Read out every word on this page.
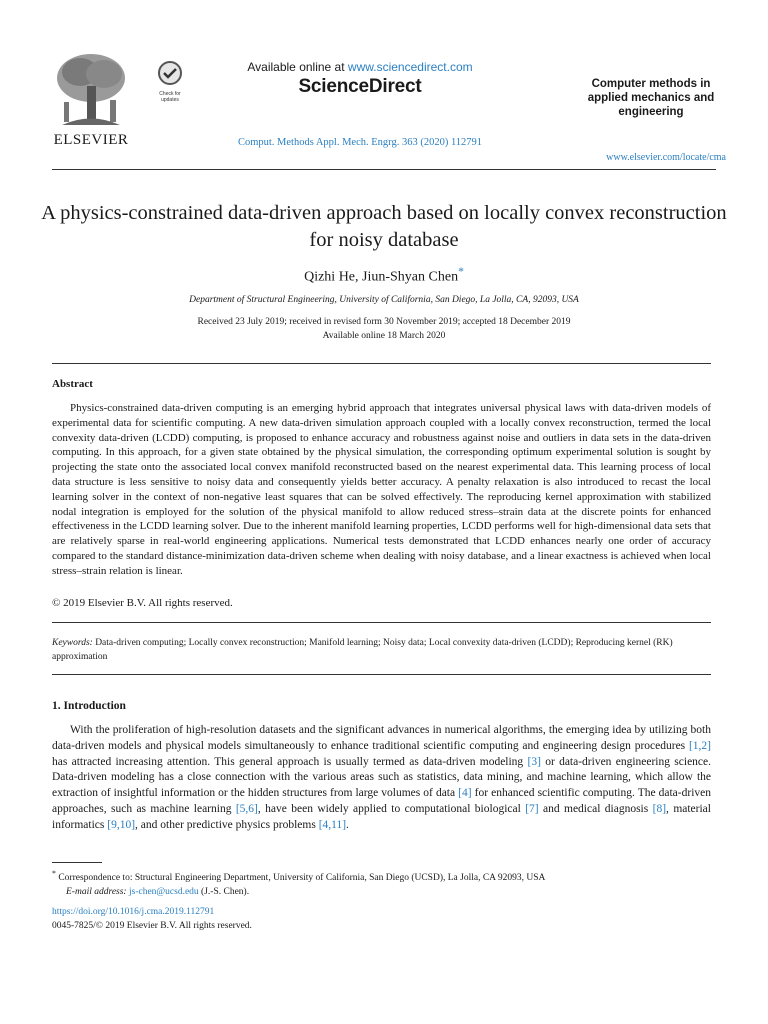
ELSEVIER
Check for updates
Available online at www.sciencedirect.com
ScienceDirect
Comput. Methods Appl. Mech. Engrg. 363 (2020) 112791
Computer methods in applied mechanics and engineering
www.elsevier.com/locate/cma
A physics-constrained data-driven approach based on locally convex reconstruction for noisy database
Qizhi He, Jiun-Shyan Chen*
Department of Structural Engineering, University of California, San Diego, La Jolla, CA, 92093, USA
Received 23 July 2019; received in revised form 30 November 2019; accepted 18 December 2019
Available online 18 March 2020
Abstract

Physics-constrained data-driven computing is an emerging hybrid approach that integrates universal physical laws with data-driven models of experimental data for scientific computing. A new data-driven simulation approach coupled with a locally convex reconstruction, termed the local convexity data-driven (LCDD) computing, is proposed to enhance accuracy and robustness against noise and outliers in data sets in the data-driven computing. In this approach, for a given state obtained by the physical simulation, the corresponding optimum experimental solution is sought by projecting the state onto the associated local convex manifold reconstructed based on the nearest experimental data. This learning process of local data structure is less sensitive to noisy data and consequently yields better accuracy. A penalty relaxation is also introduced to recast the local learning solver in the context of non-negative least squares that can be solved effectively. The reproducing kernel approximation with stabilized nodal integration is employed for the solution of the physical manifold to allow reduced stress–strain data at the discrete points for enhanced effectiveness in the LCDD learning solver. Due to the inherent manifold learning properties, LCDD performs well for high-dimensional data sets that are relatively sparse in real-world engineering applications. Numerical tests demonstrated that LCDD enhances nearly one order of accuracy compared to the standard distance-minimization data-driven scheme when dealing with noisy database, and a linear exactness is achieved when local stress–strain relation is linear.

© 2019 Elsevier B.V. All rights reserved.
Keywords: Data-driven computing; Locally convex reconstruction; Manifold learning; Noisy data; Local convexity data-driven (LCDD); Reproducing kernel (RK) approximation
1. Introduction

With the proliferation of high-resolution datasets and the significant advances in numerical algorithms, the emerging idea by utilizing both data-driven models and physical models simultaneously to enhance traditional scientific computing and engineering design procedures [1,2] has attracted increasing attention. This general approach is usually termed as data-driven modeling [3] or data-driven engineering science. Data-driven modeling has a close connection with the various areas such as statistics, data mining, and machine learning, which allow the extraction of insightful information or the hidden structures from large volumes of data [4] for enhanced scientific computing. The data-driven approaches, such as machine learning [5,6], have been widely applied to computational biological [7] and medical diagnosis [8], material informatics [9,10], and other predictive physics problems [4,11].

* Correspondence to: Structural Engineering Department, University of California, San Diego (UCSD), La Jolla, CA 92093, USA
E-mail address: js-chen@ucsd.edu (J.-S. Chen).
https://doi.org/10.1016/j.cma.2019.112791
0045-7825/© 2019 Elsevier B.V. All rights reserved.
